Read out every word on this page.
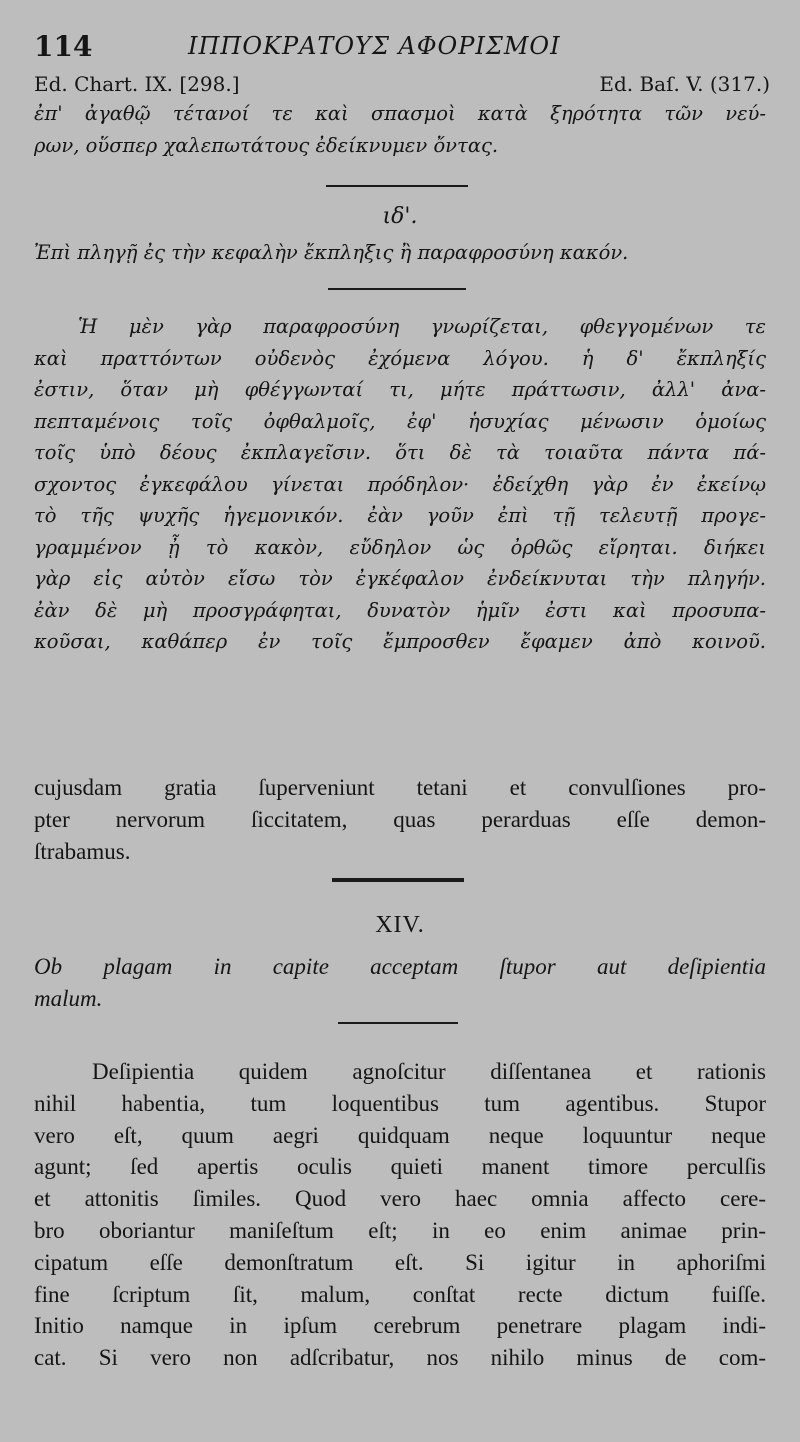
114	ΙΠΠΟΚΡΑΤΟΥΣ ΑΦΟΡΙΣΜΟΙ
Ed. Chart. IX. [298.]	Ed. Baſ. V. (317.)
ἐπ' ἀγαθῷ τέτανοί τε καὶ σπασμοὶ κατὰ ξηρότητα τῶν νεύ-
ρων, οὕσπερ χαλεπωτάτους ἐδείκνυμεν ὄντας.
ιδ'.
Ἐπὶ πληγῇ ἐς τὴν κεφαλὴν ἔκπληξις ἢ παραφροσύνη κακόν.
Ἡ μὲν γὰρ παραφροσύνη γνωρίζεται, φθεγγομένων τε
καὶ πραττόντων οὐδενὸς ἐχόμενα λόγου. ἡ δ' ἔκπληξίς
ἐστιν, ὅταν μὴ φθέγγωνταί τι, μήτε πράττωσιν, ἀλλ' ἀνα-
πεπταμένοις τοῖς ὀφθαλμοῖς, ἐφ' ἡσυχίας μένωσιν ὁμοίως
τοῖς ὑπὸ δέους ἐκπλαγεῖσιν. ὅτι δὲ τὰ τοιαῦτα πάντα πά-
σχοντος ἐγκεφάλου γίνεται πρόδηλον· ἐδείχθη γὰρ ἐν ἐκείνῳ
τὸ τῆς ψυχῆς ἡγεμονικόν. ἐὰν γοῦν ἐπὶ τῇ τελευτῇ προγε-
γραμμένον ᾖ τὸ κακὸν, εὔδηλον ὡς ὀρθῶς εἴρηται. διήκει
γὰρ εἰς αὐτὸν εἴσω τὸν ἐγκέφαλον ἐνδείκνυται τὴν πληγήν.
ἐὰν δὲ μὴ προσγράφηται, δυνατὸν ἡμῖν ἐστι καὶ προσυπα-
κοῦσαι, καθάπερ ἐν τοῖς ἔμπροσθεν ἔφαμεν ἀπὸ κοινοῦ.
cujusdam gratia ſuperveniunt tetani et convulſiones pro-
pter nervorum ſiccitatem, quas perarduas eſſe demon-
ſtrabamus.
XIV.
Ob plagam in capite acceptam ſtupor aut deſipientia
malum.
Deſipientia quidem agnoſcitur diſſentanea et rationis
nihil habentia, tum loquentibus tum agentibus. Stupor
vero eſt, quum aegri quidquam neque loquuntur neque
agunt; ſed apertis oculis quieti manent timore perculſis
et attonitis ſimiles. Quod vero haec omnia affecto cere-
bro oboriantur maniſeſtum eſt; in eo enim animae prin-
cipatum eſſe demonſtratum eſt. Si igitur in aphoriſmi
fine ſcriptum ſit, malum, conſtat recte dictum fuiſſe.
Initio namque in ipſum cerebrum penetrare plagam indi-
cat. Si vero non adſcribatur, nos nihilo minus de com-
